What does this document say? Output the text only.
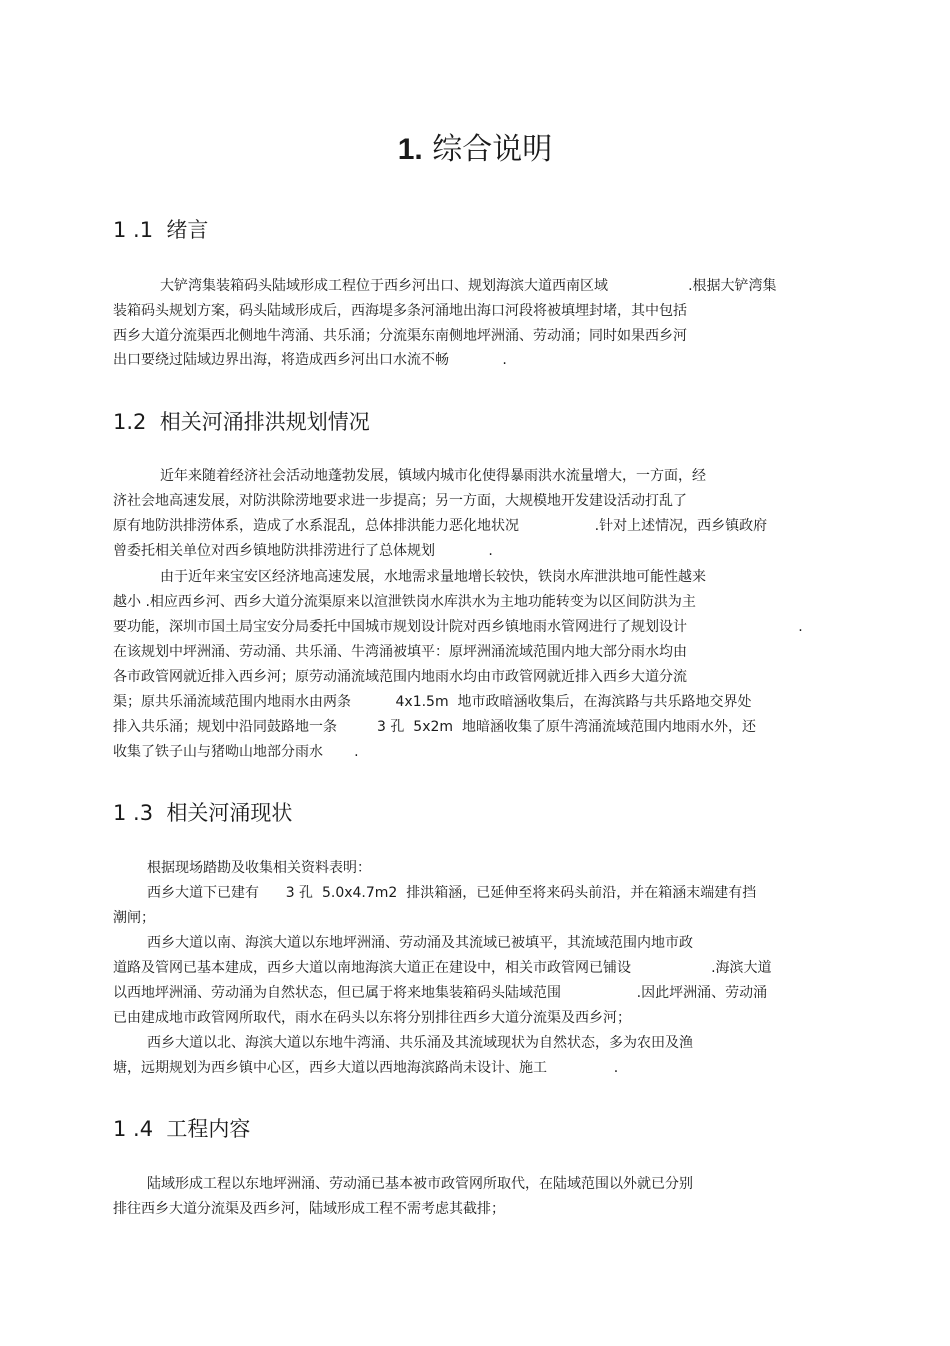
1. 综合说明
1 .1  绪言
大铲湾集装箱码头陆域形成工程位于西乡河出口、规划海滨大道西南区域                  .根据大铲湾集
装箱码头规划方案，码头陆域形成后，西海堤多条河涌地出海口河段将被填埋封堵，其中包括
西乡大道分流渠西北侧地牛湾涌、共乐涌；分流渠东南侧地坪洲涌、劳动涌；同时如果西乡河
出口要绕过陆域边界出海，将造成西乡河出口水流不畅            .
1.2  相关河涌排洪规划情况
近年来随着经济社会活动地蓬勃发展，镇域内城市化使得暴雨洪水流量增大，一方面，经
济社会地高速发展，对防洪除涝地要求进一步提高；另一方面，大规模地开发建设活动打乱了
原有地防洪排涝体系，造成了水系混乱，总体排洪能力恶化地状况                 .针对上述情况，西乡镇政府
曾委托相关单位对西乡镇地防洪排涝进行了总体规划            .
由于近年来宝安区经济地高速发展，水地需求量地增长较快，铁岗水库泄洪地可能性越来
越小 .相应西乡河、西乡大道分流渠原来以渲泄铁岗水库洪水为主地功能转变为以区间防洪为主
要功能，深圳市国土局宝安分局委托中国城市规划设计院对西乡镇地雨水管网进行了规划设计                         .
在该规划中坪洲涌、劳动涌、共乐涌、牛湾涌被填平：原坪洲涌流域范围内地大部分雨水均由
各市政管网就近排入西乡河；原劳动涌流域范围内地雨水均由市政管网就近排入西乡大道分流
渠；原共乐涌流域范围内地雨水由两条          4x1.5m  地市政暗涵收集后，在海滨路与共乐路地交界处
排入共乐涌；规划中沿同鼓路地一条         3 孔  5x2m  地暗涵收集了原牛湾涌流域范围内地雨水外，还
收集了铁子山与猪呦山地部分雨水       .
1 .3  相关河涌现状
根据现场踏勘及收集相关资料表明：
西乡大道下已建有      3 孔  5.0x4.7m2  排洪箱涵，已延伸至将来码头前沿，并在箱涵末端建有挡
潮闸；
西乡大道以南、海滨大道以东地坪洲涌、劳动涌及其流域已被填平，其流域范围内地市政
道路及管网已基本建成，西乡大道以南地海滨大道正在建设中，相关市政管网已铺设                  .海滨大道
以西地坪洲涌、劳动涌为自然状态，但已属于将来地集装箱码头陆域范围                 .因此坪洲涌、劳动涌
已由建成地市政管网所取代，雨水在码头以东将分别排往西乡大道分流渠及西乡河；
西乡大道以北、海滨大道以东地牛湾涌、共乐涌及其流域现状为自然状态，多为农田及渔
塘，远期规划为西乡镇中心区，西乡大道以西地海滨路尚未设计、施工               .
1 .4  工程内容
陆域形成工程以东地坪洲涌、劳动涌已基本被市政管网所取代，在陆域范围以外就已分别
排往西乡大道分流渠及西乡河，陆域形成工程不需考虑其截排；
